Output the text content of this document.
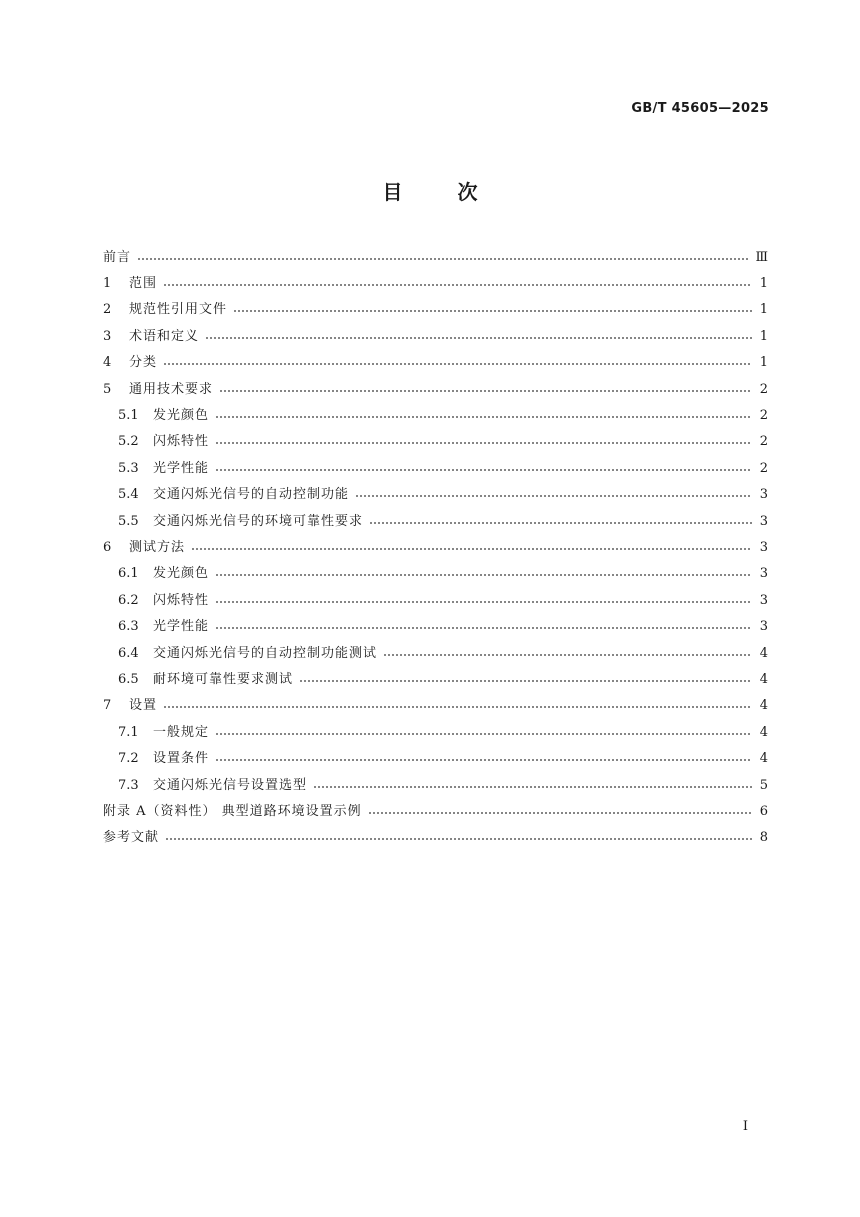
GB/T 45605—2025
目	次
前言	Ⅲ
1	范围	1
2	规范性引用文件	1
3	术语和定义	1
4	分类	1
5	通用技术要求	2
5.1	发光颜色	2
5.2	闪烁特性	2
5.3	光学性能	2
5.4	交通闪烁光信号的自动控制功能	3
5.5	交通闪烁光信号的环境可靠性要求	3
6	测试方法	3
6.1	发光颜色	3
6.2	闪烁特性	3
6.3	光学性能	3
6.4	交通闪烁光信号的自动控制功能测试	4
6.5	耐环境可靠性要求测试	4
7	设置	4
7.1	一般规定	4
7.2	设置条件	4
7.3	交通闪烁光信号设置选型	5
附录 A（资料性） 典型道路环境设置示例	6
参考文献	8
Ⅰ
